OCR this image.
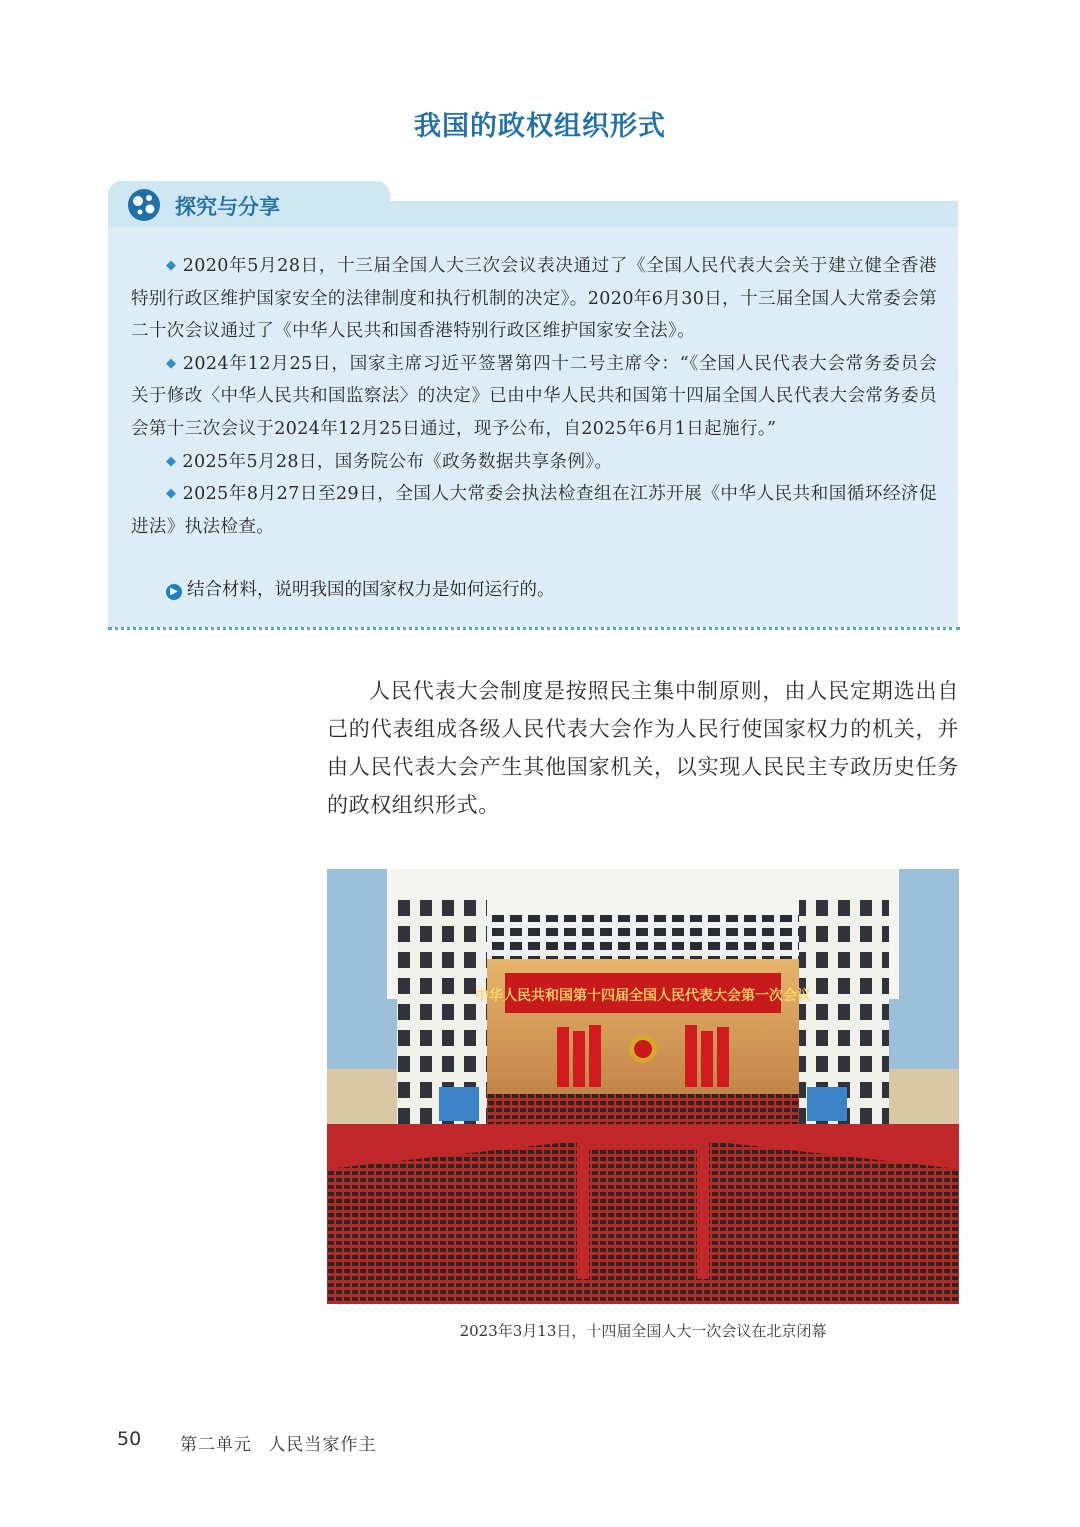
我国的政权组织形式
探究与分享

◆ 2020年5月28日，十三届全国人大三次会议表决通过了《全国人民代表大会关于建立健全香港特别行政区维护国家安全的法律制度和执行机制的决定》。2020年6月30日，十三届全国人大常委会第二十次会议通过了《中华人民共和国香港特别行政区维护国家安全法》。

◆ 2024年12月25日，国家主席习近平签署第四十二号主席令：“《全国人民代表大会常务委员会关于修改〈中华人民共和国监察法〉的决定》已由中华人民共和国第十四届全国人民代表大会常务委员会第十三次会议于2024年12月25日通过，现予公布，自2025年6月1日起施行。”

◆ 2025年5月28日，国务院公布《政务数据共享条例》。

◆ 2025年8月27日至29日，全国人大常委会执法检查组在江苏开展《中华人民共和国循环经济促进法》执法检查。

▶ 结合材料，说明我国的国家权力是如何运行的。

人民代表大会制度是按照民主集中制原则，由人民定期选出自己的代表组成各级人民代表大会作为人民行使国家权力的机关，并由人民代表大会产生其他国家机关，以实现人民民主专政历史任务的政权组织形式。

中华人民共和国第十四届全国人民代表大会第一次会议
2023年3月13日，十四届全国人大一次会议在北京闭幕
50 第二单元 人民当家作主
